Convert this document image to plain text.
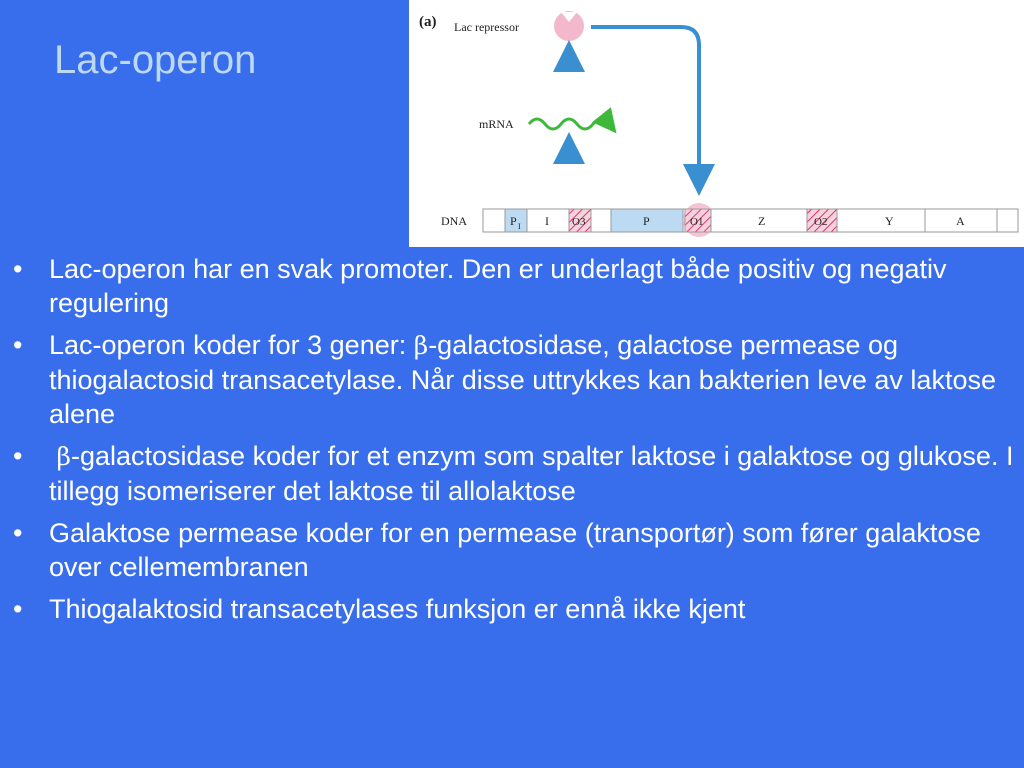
Lac-operon
(a) Lac repressor
mRNA
DNA	P I I O3	P	O1	Z	O2	Y	A
• Lac-operon har en svak promoter. Den er underlagt både positiv og negativ regulering
• Lac-operon koder for 3 gener: β-galactosidase, galactose permease og thiogalactosid transacetylase. Når disse uttrykkes kan bakterien leve av laktose alene
• β-galactosidase koder for et enzym som spalter laktose i galaktose og glukose. I tillegg isomeriserer det laktose til allolaktose
• Galaktose permease koder for en permease (transportør) som fører galaktose over cellemembranen
• Thiogalaktosid transacetylases funksjon er ennå ikke kjent
